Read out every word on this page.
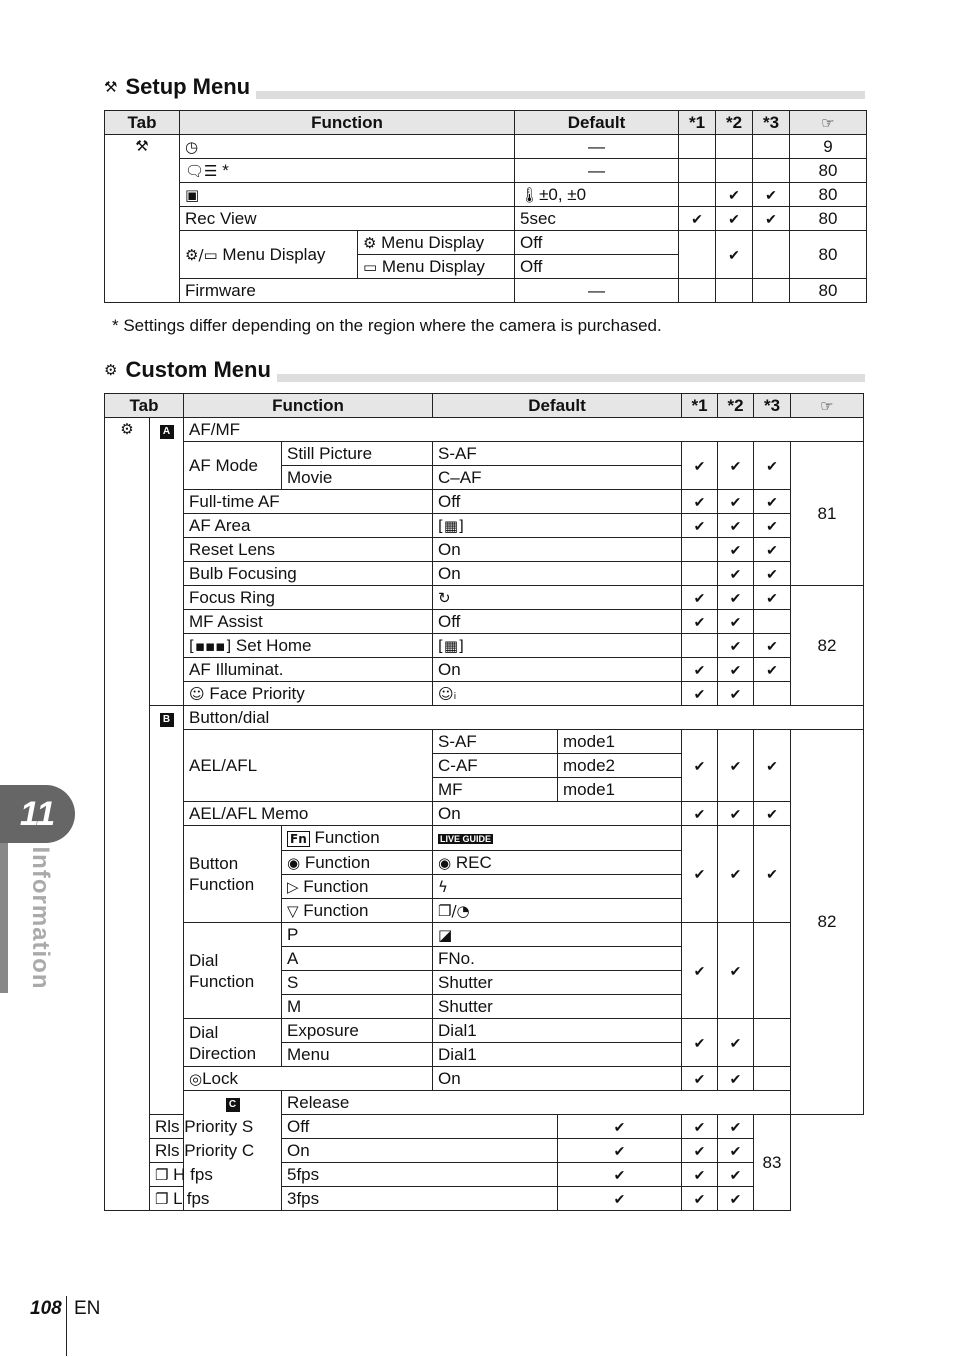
⚒ Setup Menu
Tab	Function		Default	*1	*2	*3	☞
⚒	◷		—				9
	🗨☰ *		—				80
	▣		🌡±0, ±0		✔	✔	80
	Rec View		5sec	✔	✔	✔	80
	⚙/▭ Menu Display	⚙ Menu Display	Off		✔		80
		▭ Menu Display	Off				
	Firmware		—				80
* Settings differ depending on the region where the camera is purchased.
⚙ Custom Menu
Tab		Function		Default		*1	*2	*3	☞
⚙	A	AF/MF							
		AF Mode	Still Picture	S-AF		✔	✔	✔	81
			Movie	C–AF					
		Full-time AF		Off		✔	✔	✔	
		AF Area		[▦]		✔	✔	✔	
		Reset Lens		On			✔	✔	
		Bulb Focusing		On			✔	✔	
		Focus Ring		↻		✔	✔	✔	82
		MF Assist		Off		✔	✔		
		[▪▪▪] Set Home		[▦]			✔	✔	
		AF Illuminat.		On		✔	✔	✔	
		☺ Face Priority		☺ᵢ		✔	✔		
	B	Button/dial							
		AEL/AFL		S-AF	mode1	✔	✔	✔	82
				C-AF	mode2				
				MF	mode1				
		AEL/AFL Memo		On		✔	✔	✔	
		Button Function	Fn Function	LIVE GUIDE		✔	✔	✔	
			◉ Function	◉ REC					
			▷ Function	ϟ					
			▽ Function	❐/◔					
		Dial Function	P	◪		✔	✔		
			A	FNo.					
			S	Shutter					
			M	Shutter					
		Dial Direction	Exposure	Dial1		✔	✔		
			Menu	Dial1					
		◎Lock		On		✔	✔		
		C	Release						
	Rls Priority S		Off		✔	✔	✔	83	
	Rls Priority C		On		✔	✔	✔		
	❐ H fps		5fps		✔	✔	✔		
	❐ L fps		3fps		✔	✔	✔		
11
Information
108 EN
